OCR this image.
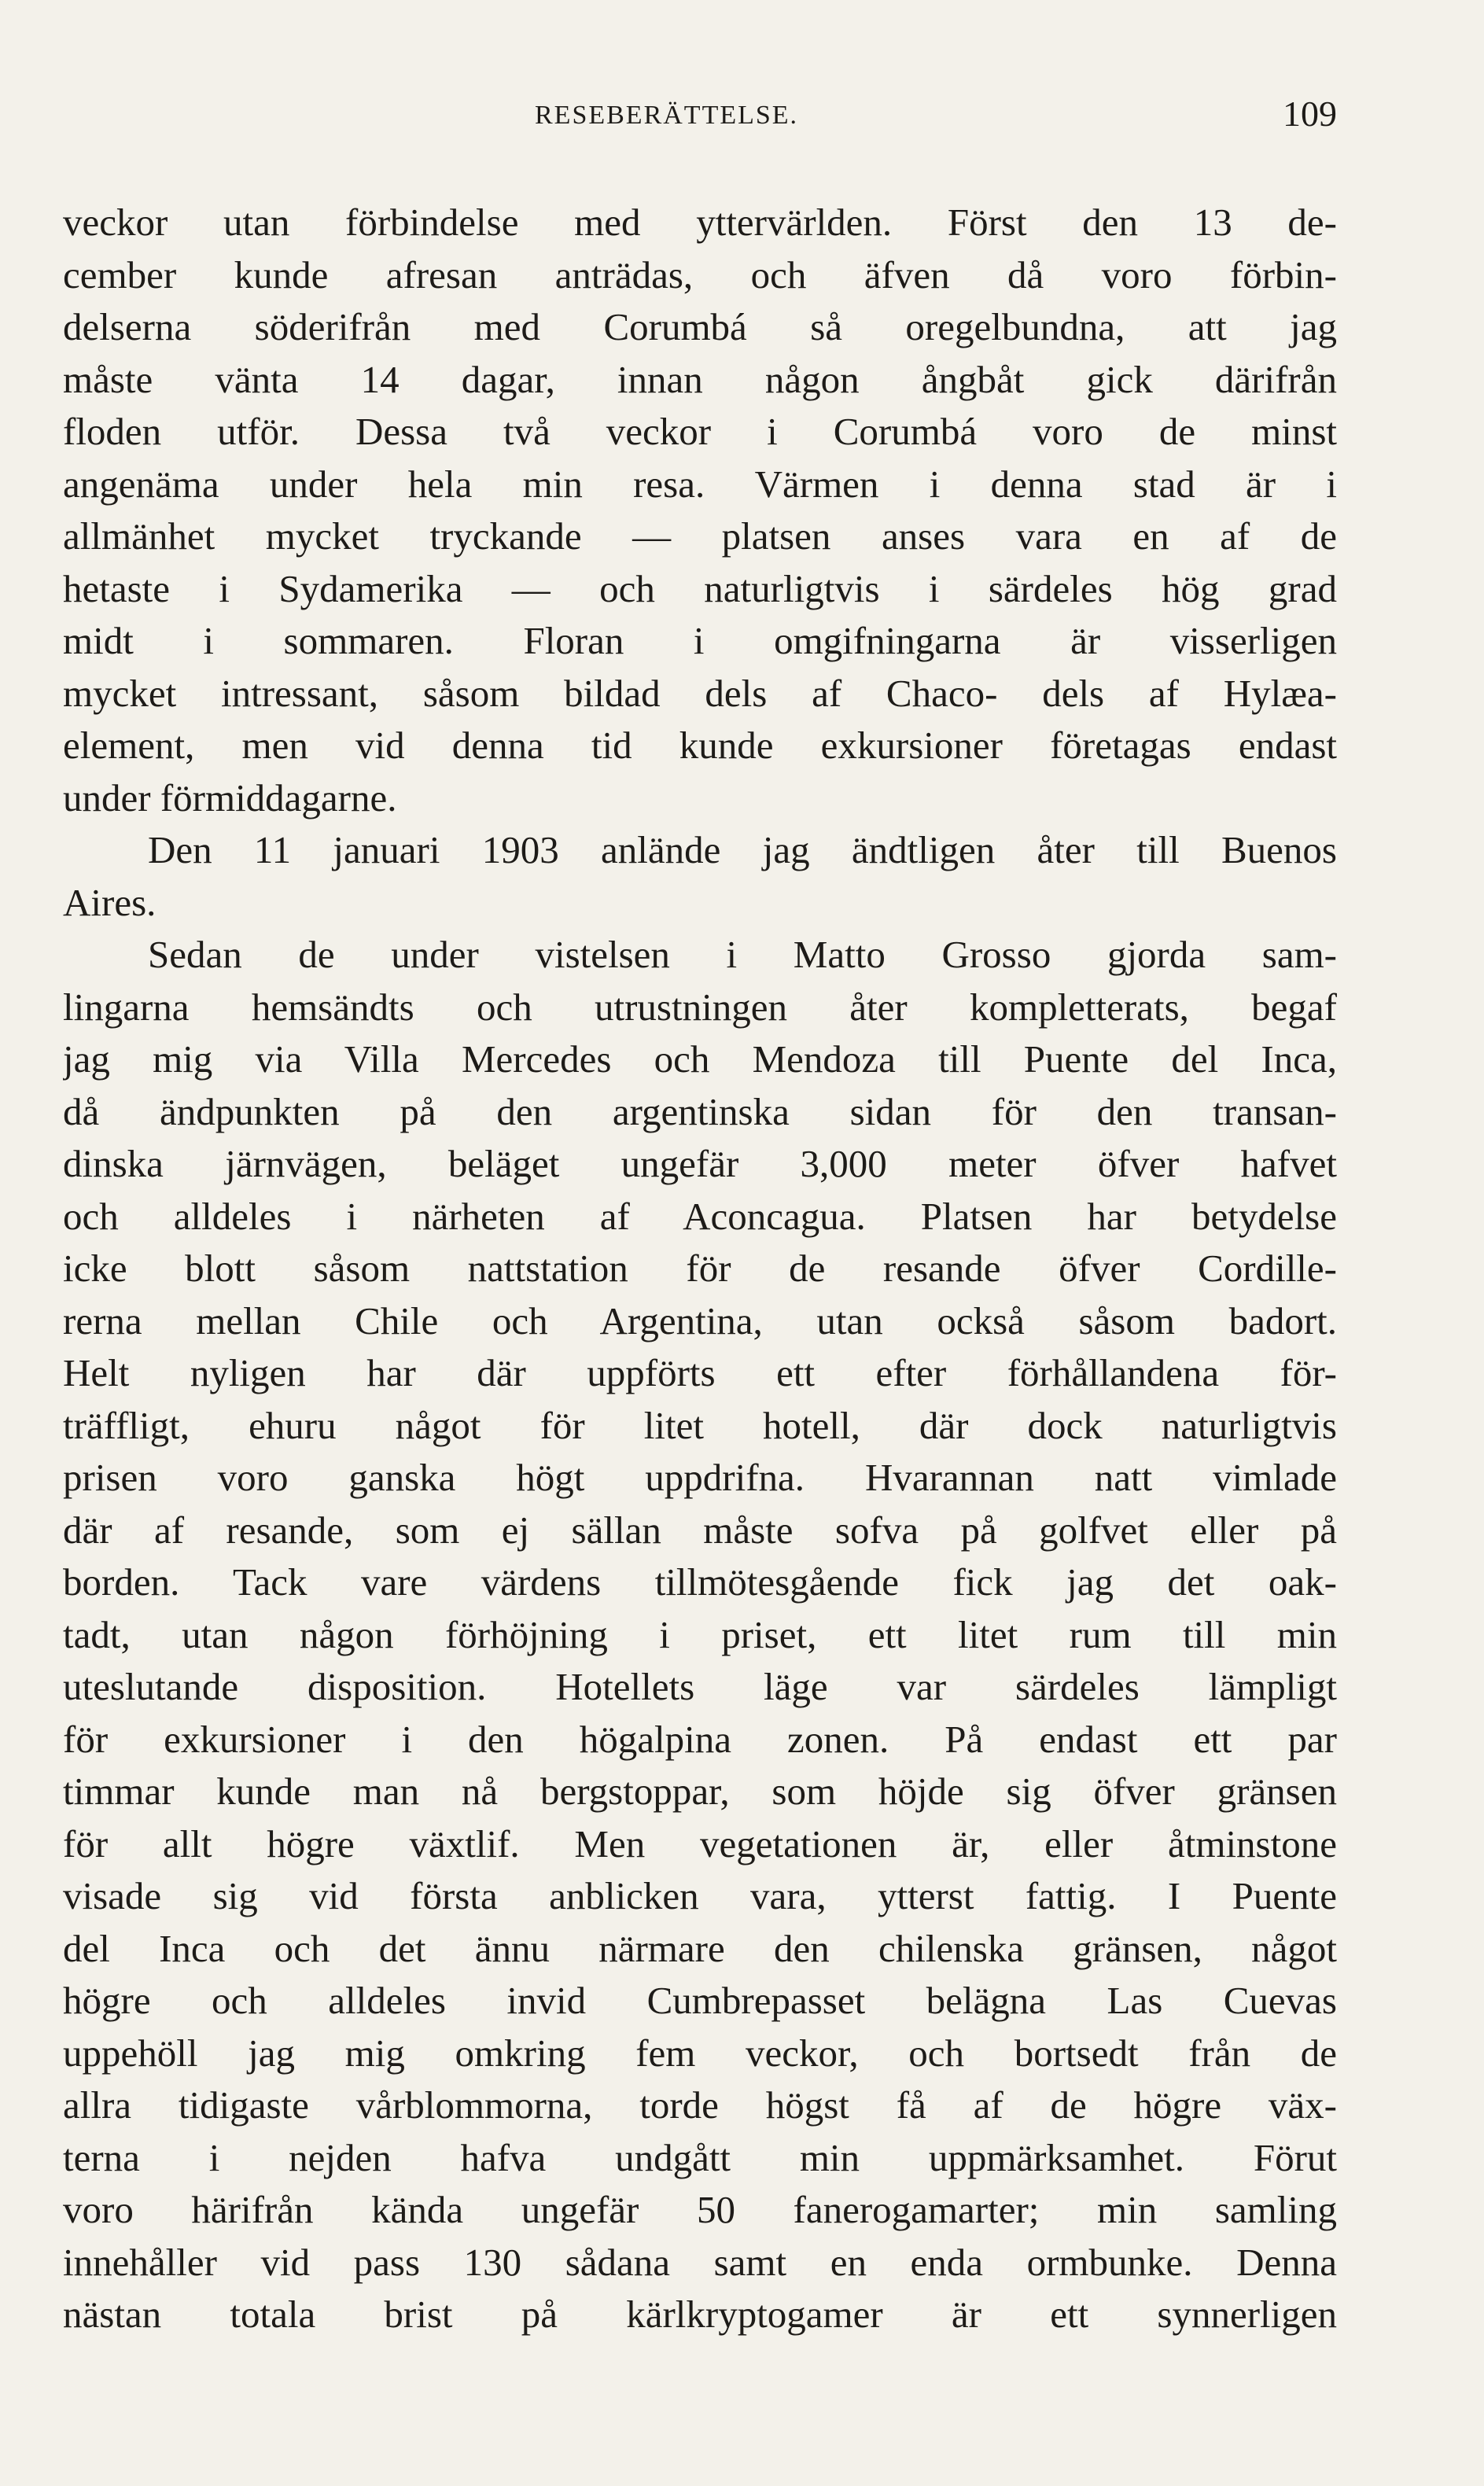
RESEBERÄTTELSE.	109
veckor utan förbindelse med yttervärlden. Först den 13 de-
cember kunde afresan anträdas, och äfven då voro förbin-
delserna söderifrån med Corumbá så oregelbundna, att jag
måste vänta 14 dagar, innan någon ångbåt gick därifrån
floden utför. Dessa två veckor i Corumbá voro de minst
angenäma under hela min resa. Värmen i denna stad är i
allmänhet mycket tryckande — platsen anses vara en af de
hetaste i Sydamerika — och naturligtvis i särdeles hög grad
midt i sommaren. Floran i omgifningarna är visserligen
mycket intressant, såsom bildad dels af Chaco- dels af Hylæa-
element, men vid denna tid kunde exkursioner företagas endast
under förmiddagarne.
Den 11 januari 1903 anlände jag ändtligen åter till Buenos
Aires.
Sedan de under vistelsen i Matto Grosso gjorda sam-
lingarna hemsändts och utrustningen åter kompletterats, begaf
jag mig via Villa Mercedes och Mendoza till Puente del Inca,
då ändpunkten på den argentinska sidan för den transan-
dinska järnvägen, beläget ungefär 3,000 meter öfver hafvet
och alldeles i närheten af Aconcagua. Platsen har betydelse
icke blott såsom nattstation för de resande öfver Cordille-
rerna mellan Chile och Argentina, utan också såsom badort.
Helt nyligen har där uppförts ett efter förhållandena för-
träffligt, ehuru något för litet hotell, där dock naturligtvis
prisen voro ganska högt uppdrifna. Hvarannan natt vimlade
där af resande, som ej sällan måste sofva på golfvet eller på
borden. Tack vare värdens tillmötesgående fick jag det oak-
tadt, utan någon förhöjning i priset, ett litet rum till min
uteslutande disposition. Hotellets läge var särdeles lämpligt
för exkursioner i den högalpina zonen. På endast ett par
timmar kunde man nå bergstoppar, som höjde sig öfver gränsen
för allt högre växtlif. Men vegetationen är, eller åtminstone
visade sig vid första anblicken vara, ytterst fattig. I Puente
del Inca och det ännu närmare den chilenska gränsen, något
högre och alldeles invid Cumbrepasset belägna Las Cuevas
uppehöll jag mig omkring fem veckor, och bortsedt från de
allra tidigaste vårblommorna, torde högst få af de högre väx-
terna i nejden hafva undgått min uppmärksamhet. Förut
voro härifrån kända ungefär 50 fanerogamarter; min samling
innehåller vid pass 130 sådana samt en enda ormbunke. Denna
nästan totala brist på kärlkryptogamer är ett synnerligen
